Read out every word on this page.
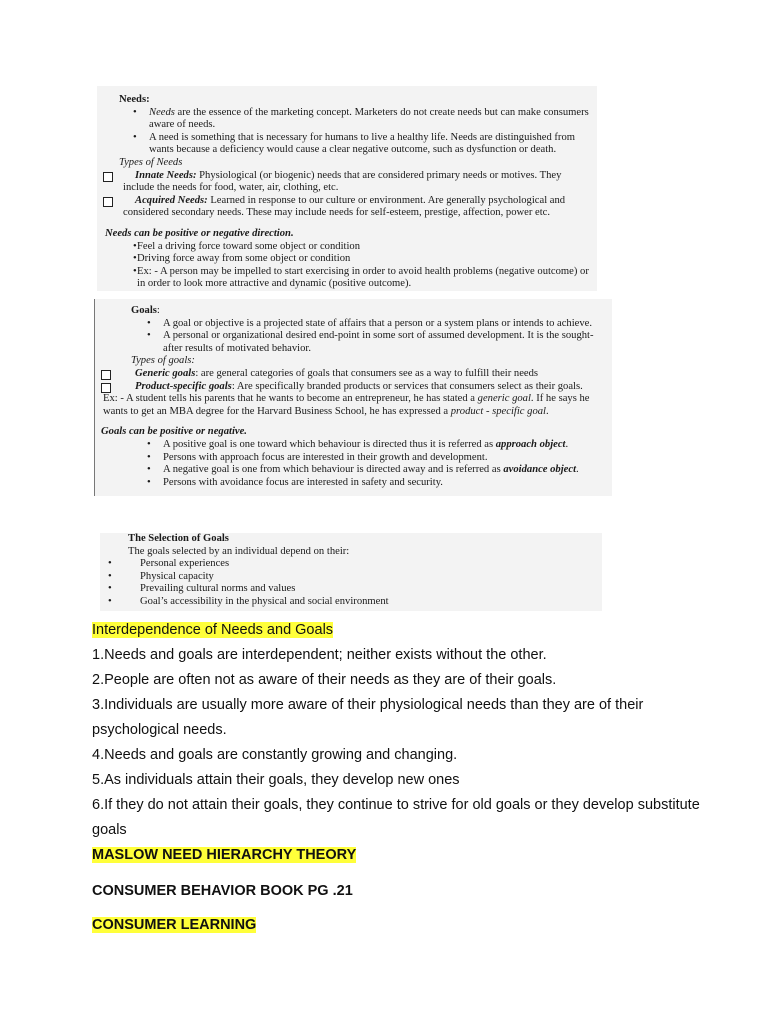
Needs:
• Needs are the essence of the marketing concept. Marketers do not create needs but can make consumers aware of needs.
• A need is something that is necessary for humans to live a healthy life. Needs are distinguished from wants because a deficiency would cause a clear negative outcome, such as dysfunction or death.
Types of Needs
Innate Needs: Physiological (or biogenic) needs that are considered primary needs or motives. They include the needs for food, water, air, clothing, etc.
Acquired Needs: Learned in response to our culture or environment. Are generally psychological and considered secondary needs. These may include needs for self-esteem, prestige, affection, power etc.
Needs can be positive or negative direction.
• Feel a driving force toward some object or condition
• Driving force away from some object or condition
• Ex: - A person may be impelled to start exercising in order to avoid health problems (negative outcome) or in order to look more attractive and dynamic (positive outcome).
Goals:
• A goal or objective is a projected state of affairs that a person or a system plans or intends to achieve.
• A personal or organizational desired end-point in some sort of assumed development. It is the sought-after results of motivated behavior.
Types of goals:
Generic goals: are general categories of goals that consumers see as a way to fulfill their needs
Product-specific goals: Are specifically branded products or services that consumers select as their goals.
Ex: - A student tells his parents that he wants to become an entrepreneur, he has stated a generic goal. If he says he wants to get an MBA degree for the Harvard Business School, he has expressed a product - specific goal.
Goals can be positive or negative.
• A positive goal is one toward which behaviour is directed thus it is referred as approach object.
• Persons with approach focus are interested in their growth and development.
• A negative goal is one from which behaviour is directed away and is referred as avoidance object.
• Persons with avoidance focus are interested in safety and security.
The Selection of Goals
The goals selected by an individual depend on their:
• Personal experiences
• Physical capacity
• Prevailing cultural norms and values
• Goal’s accessibility in the physical and social environment
Interdependence of Needs and Goals
1.Needs and goals are interdependent; neither exists without the other.
2.People are often not as aware of their needs as they are of their goals.
3.Individuals are usually more aware of their physiological needs than they are of their psychological needs.
4.Needs and goals are constantly growing and changing.
5.As individuals attain their goals, they develop new ones
6.If they do not attain their goals, they continue to strive for old goals or they develop substitute goals
MASLOW NEED HIERARCHY THEORY
CONSUMER BEHAVIOR BOOK PG .21
CONSUMER LEARNING
